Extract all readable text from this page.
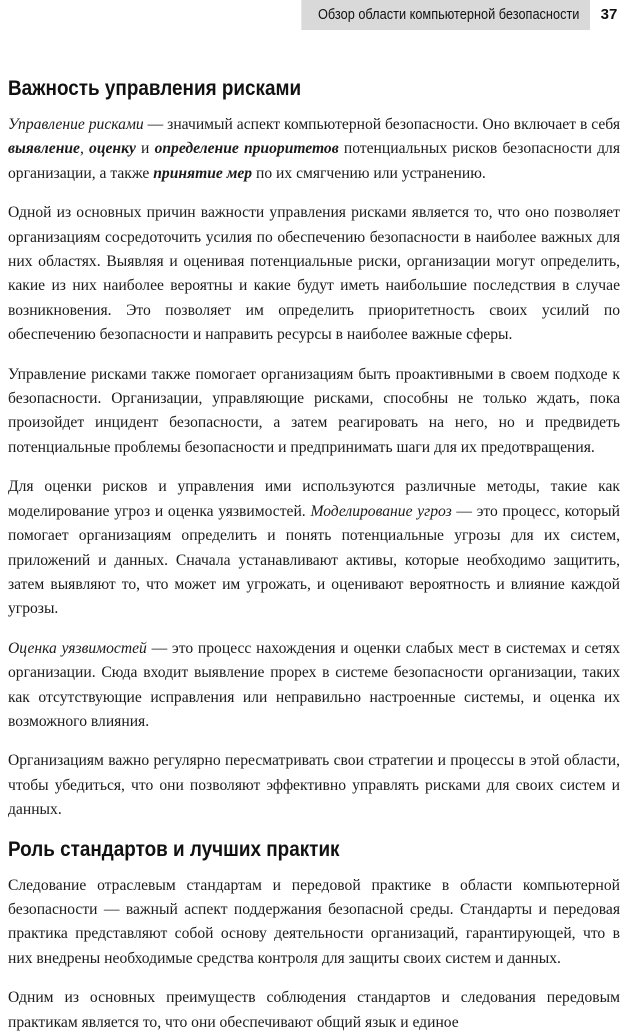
Обзор области компьютерной безопасности	37
Важность управления рисками

Управление рисками — значимый аспект компьютерной безопасности. Оно включает в себя выявление, оценку и определение приоритетов потенциальных рисков безопасности для организации, а также принятие мер по их смягчению или устранению.

Одной из основных причин важности управления рисками является то, что оно позволяет организациям сосредоточить усилия по обеспечению безопасности в наиболее важных для них областях. Выявляя и оценивая потенциальные риски, организации могут определить, какие из них наиболее вероятны и какие будут иметь наибольшие последствия в случае возникновения. Это позволяет им определить приоритетность своих усилий по обеспечению безопасности и направить ресурсы в наиболее важные сферы.

Управление рисками также помогает организациям быть проактивными в своем подходе к безопасности. Организации, управляющие рисками, способны не только ждать, пока произойдет инцидент безопасности, а затем реагировать на него, но и предвидеть потенциальные проблемы безопасности и предпринимать шаги для их предотвращения.

Для оценки рисков и управления ими используются различные методы, такие как моделирование угроз и оценка уязвимостей. Моделирование угроз — это процесс, который помогает организациям определить и понять потенциальные угрозы для их систем, приложений и данных. Сначала устанавливают активы, которые необходимо защитить, затем выявляют то, что может им угрожать, и оценивают вероятность и влияние каждой угрозы.

Оценка уязвимостей — это процесс нахождения и оценки слабых мест в системах и сетях организации. Сюда входит выявление прорех в системе безопасности организации, таких как отсутствующие исправления или неправильно настроенные системы, и оценка их возможного влияния.

Организациям важно регулярно пересматривать свои стратегии и процессы в этой области, чтобы убедиться, что они позволяют эффективно управлять рисками для своих систем и данных.

Роль стандартов и лучших практик

Следование отраслевым стандартам и передовой практике в области компьютерной безопасности — важный аспект поддержания безопасной среды. Стандарты и передовая практика представляют собой основу деятельности организаций, гарантирующей, что в них внедрены необходимые средства контроля для защиты своих систем и данных.

Одним из основных преимуществ соблюдения стандартов и следования передовым практикам является то, что они обеспечивают общий язык и единое
